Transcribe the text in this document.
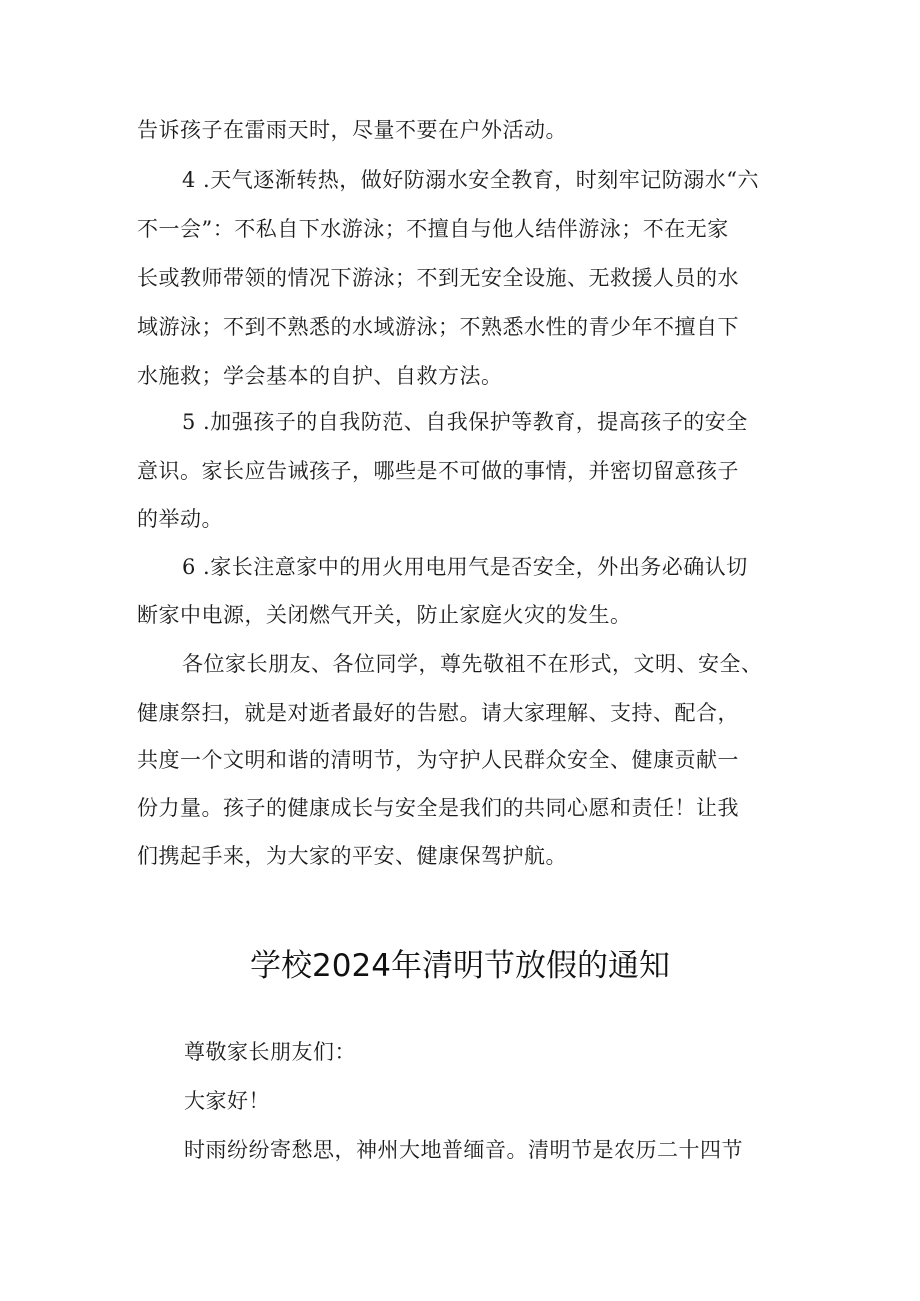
告诉孩子在雷雨天时，尽量不要在户外活动。
4 .天气逐渐转热，做好防溺水安全教育，时刻牢记防溺水“六
不一会”：不私自下水游泳；不擅自与他人结伴游泳；不在无家
长或教师带领的情况下游泳；不到无安全设施、无救援人员的水
域游泳；不到不熟悉的水域游泳；不熟悉水性的青少年不擅自下
水施救；学会基本的自护、自救方法。
5 .加强孩子的自我防范、自我保护等教育，提高孩子的安全
意识。家长应告诫孩子，哪些是不可做的事情，并密切留意孩子
的举动。
6 .家长注意家中的用火用电用气是否安全，外出务必确认切
断家中电源，关闭燃气开关，防止家庭火灾的发生。
各位家长朋友、各位同学，尊先敬祖不在形式，文明、安全、
健康祭扫，就是对逝者最好的告慰。请大家理解、支持、配合，
共度一个文明和谐的清明节，为守护人民群众安全、健康贡献一
份力量。孩子的健康成长与安全是我们的共同心愿和责任！让我
们携起手来，为大家的平安、健康保驾护航。
学校2024年清明节放假的通知
尊敬家长朋友们：
大家好！
时雨纷纷寄愁思，神州大地普缅音。清明节是农历二十四节
